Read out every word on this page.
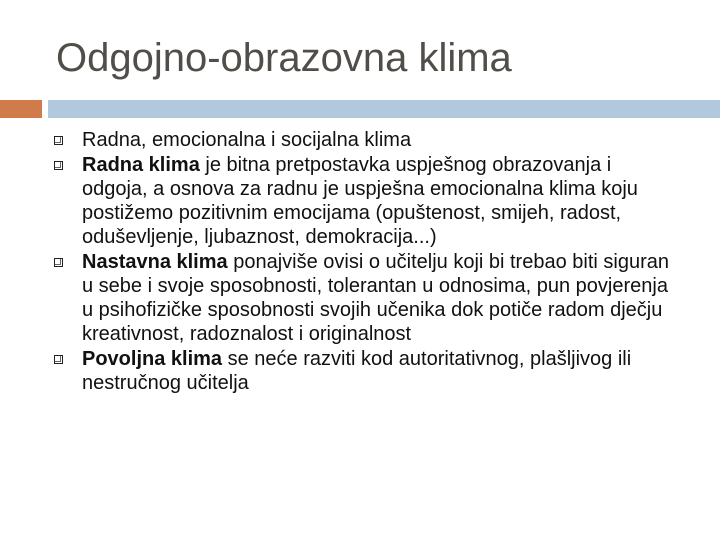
Odgojno-obrazovna klima
Radna, emocionalna i socijalna klima
Radna klima je bitna pretpostavka uspješnog obrazovanja i odgoja, a osnova za radnu je uspješna emocionalna klima koju postižemo pozitivnim emocijama (opuštenost, smijeh, radost, oduševljenje, ljubaznost, demokracija...)
Nastavna klima ponajviše ovisi o učitelju koji bi trebao biti siguran u sebe i svoje sposobnosti, tolerantan u odnosima, pun povjerenja u psihofizičke sposobnosti svojih učenika dok potiče radom dječju kreativnost, radoznalost i originalnost
Povoljna klima se neće razviti kod autoritativnog, plašljivog ili nestručnog učitelja
